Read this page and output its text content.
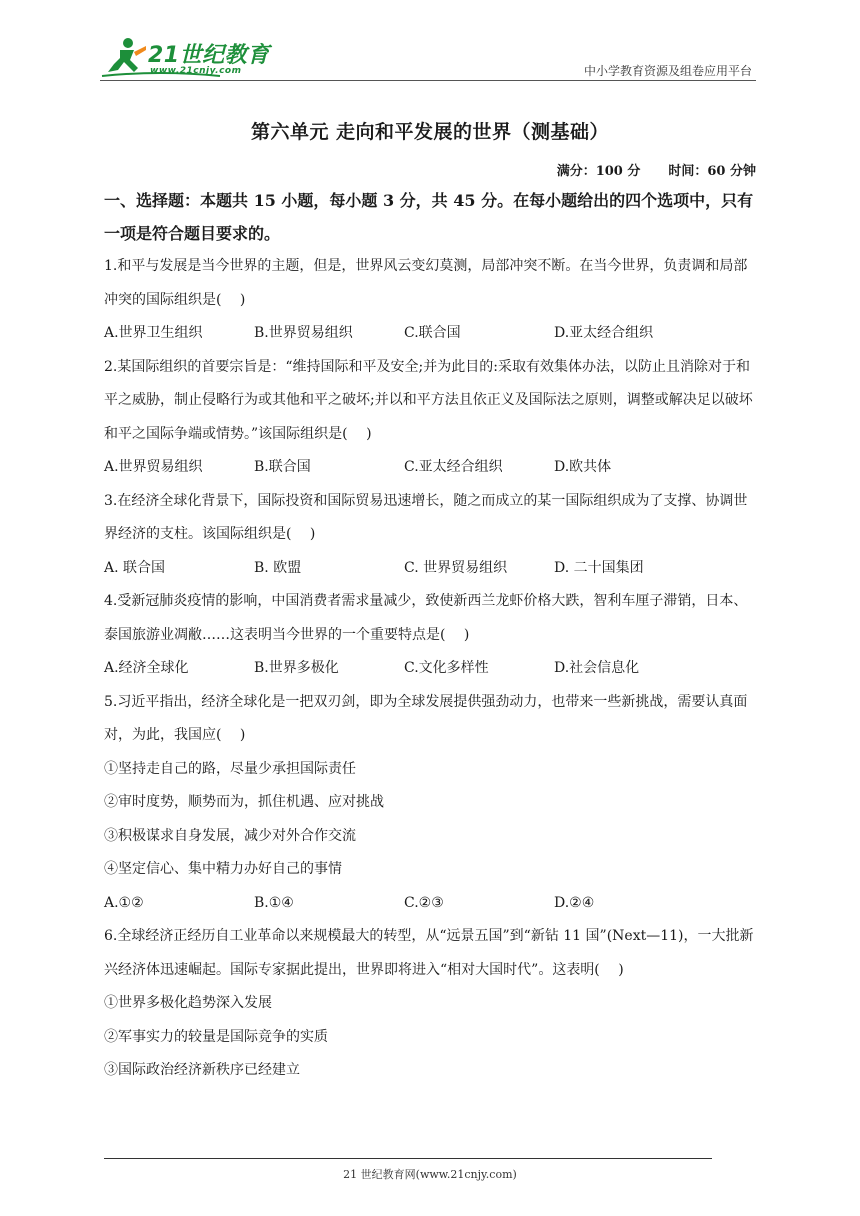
21世纪教育
www.21cnjy.com	中小学教育资源及组卷应用平台
第六单元 走向和平发展的世界（测基础）
满分：100 分 时间：60 分钟
一、选择题：本题共 15 小题，每小题 3 分，共 45 分。在每小题给出的四个选项中，只有一项是符合题目要求的。
1.和平与发展是当今世界的主题，但是，世界风云变幻莫测，局部冲突不断。在当今世界，负责调和局部冲突的国际组织是(　 )
A.世界卫生组织	B.世界贸易组织	C.联合国	D.亚太经合组织
2.某国际组织的首要宗旨是：“维持国际和平及安全;并为此目的:采取有效集体办法，以防止且消除对于和平之威胁，制止侵略行为或其他和平之破坏;并以和平方法且依正义及国际法之原则，调整或解决足以破坏和平之国际争端或情势。”该国际组织是(　 )
A.世界贸易组织	B.联合国	C.亚太经合组织	D.欧共体
3.在经济全球化背景下，国际投资和国际贸易迅速增长，随之而成立的某一国际组织成为了支撑、协调世界经济的支柱。该国际组织是(　 )
A. 联合国	B. 欧盟	C. 世界贸易组织	D. 二十国集团
4.受新冠肺炎疫情的影响，中国消费者需求量减少，致使新西兰龙虾价格大跌，智利车厘子滞销，日本、泰国旅游业凋敝……这表明当今世界的一个重要特点是(　 )
A.经济全球化	B.世界多极化	C.文化多样性	D.社会信息化
5.习近平指出，经济全球化是一把双刃剑，即为全球发展提供强劲动力，也带来一些新挑战，需要认真面对，为此，我国应(　 )
①坚持走自己的路，尽量少承担国际责任
②审时度势，顺势而为，抓住机遇、应对挑战
③积极谋求自身发展，减少对外合作交流
④坚定信心、集中精力办好自己的事情
A.①②	B.①④	C.②③	D.②④
6.全球经济正经历自工业革命以来规模最大的转型，从“远景五国”到“新钻 11 国”(Next—11)，一大批新兴经济体迅速崛起。国际专家据此提出，世界即将进入“相对大国时代”。这表明(　 )
①世界多极化趋势深入发展
②军事实力的较量是国际竞争的实质
③国际政治经济新秩序已经建立
21 世纪教育网(www.21cnjy.com)
